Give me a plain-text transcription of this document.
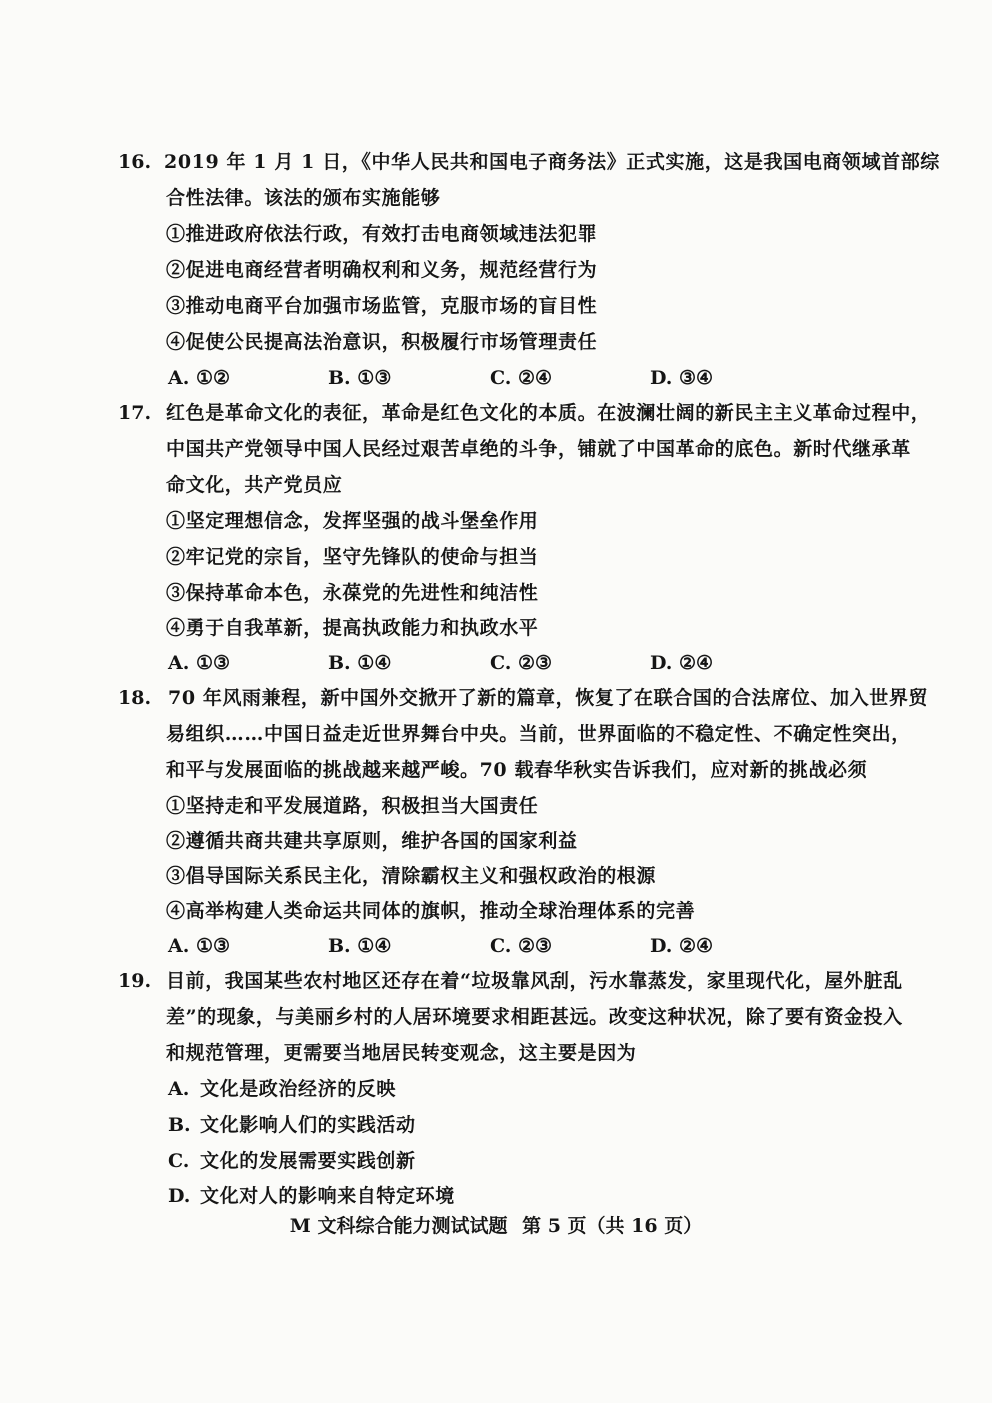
16. 2019 年 1 月 1 日，《中华人民共和国电子商务法》正式实施，这是我国电商领域首部综
合性法律。该法的颁布实施能够
①推进政府依法行政，有效打击电商领域违法犯罪
②促进电商经营者明确权利和义务，规范经营行为
③推动电商平台加强市场监管，克服市场的盲目性
④促使公民提高法治意识，积极履行市场管理责任
A. ①②	B. ①③	C. ②④	D. ③④
17. 红色是革命文化的表征，革命是红色文化的本质。在波澜壮阔的新民主主义革命过程中，
中国共产党领导中国人民经过艰苦卓绝的斗争，铺就了中国革命的底色。新时代继承革
命文化，共产党员应
①坚定理想信念，发挥坚强的战斗堡垒作用
②牢记党的宗旨，坚守先锋队的使命与担当
③保持革命本色，永葆党的先进性和纯洁性
④勇于自我革新，提高执政能力和执政水平
A. ①③	B. ①④	C. ②③	D. ②④
18. 70 年风雨兼程，新中国外交掀开了新的篇章，恢复了在联合国的合法席位、加入世界贸
易组织……中国日益走近世界舞台中央。当前，世界面临的不稳定性、不确定性突出，
和平与发展面临的挑战越来越严峻。70 载春华秋实告诉我们，应对新的挑战必须
①坚持走和平发展道路，积极担当大国责任
②遵循共商共建共享原则，维护各国的国家利益
③倡导国际关系民主化，清除霸权主义和强权政治的根源
④高举构建人类命运共同体的旗帜，推动全球治理体系的完善
A. ①③	B. ①④	C. ②③	D. ②④
19. 目前，我国某些农村地区还存在着“垃圾靠风刮，污水靠蒸发，家里现代化，屋外脏乱
差”的现象，与美丽乡村的人居环境要求相距甚远。改变这种状况，除了要有资金投入
和规范管理，更需要当地居民转变观念，这主要是因为
A. 文化是政治经济的反映
B. 文化影响人们的实践活动
C. 文化的发展需要实践创新
D. 文化对人的影响来自特定环境
M 文科综合能力测试试题 第 5 页（共 16 页）
